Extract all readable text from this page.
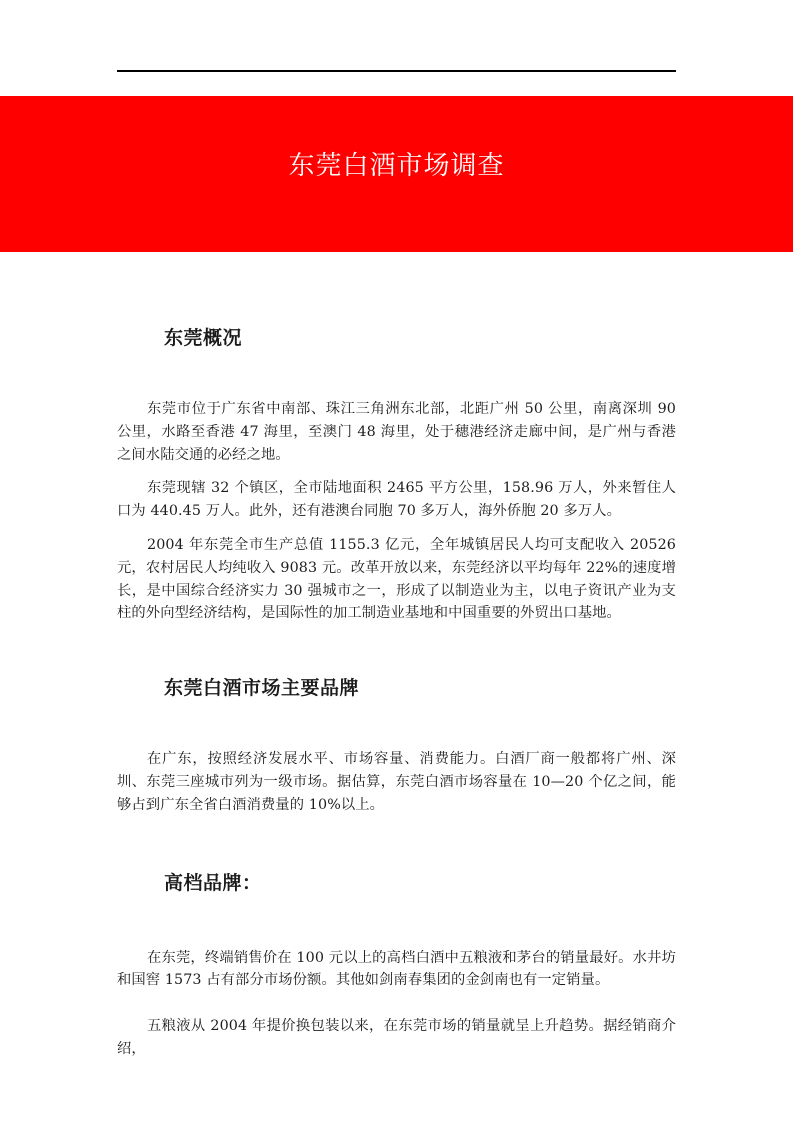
东莞白酒市场调查
东莞概况

东莞市位于广东省中南部、珠江三角洲东北部，北距广州 50 公里，南离深圳 90 公里，水路至香港 47 海里，至澳门 48 海里，处于穗港经济走廊中间，是广州与香港之间水陆交通的必经之地。

东莞现辖 32 个镇区，全市陆地面积 2465 平方公里，158.96 万人，外来暂住人口为 440.45 万人。此外，还有港澳台同胞 70 多万人，海外侨胞 20 多万人。

2004 年东莞全市生产总值 1155.3 亿元，全年城镇居民人均可支配收入 20526 元，农村居民人均纯收入 9083 元。改革开放以来，东莞经济以平均每年 22%的速度增长，是中国综合经济实力 30 强城市之一，形成了以制造业为主，以电子资讯产业为支柱的外向型经济结构，是国际性的加工制造业基地和中国重要的外贸出口基地。

东莞白酒市场主要品牌

在广东，按照经济发展水平、市场容量、消费能力。白酒厂商一般都将广州、深圳、东莞三座城市列为一级市场。据估算，东莞白酒市场容量在 10—20 个亿之间，能够占到广东全省白酒消费量的 10%以上。

高档品牌：

在东莞，终端销售价在 100 元以上的高档白酒中五粮液和茅台的销量最好。水井坊和国窖 1573 占有部分市场份额。其他如剑南春集团的金剑南也有一定销量。

五粮液从 2004 年提价换包装以来，在东莞市场的销量就呈上升趋势。据经销商介绍，
